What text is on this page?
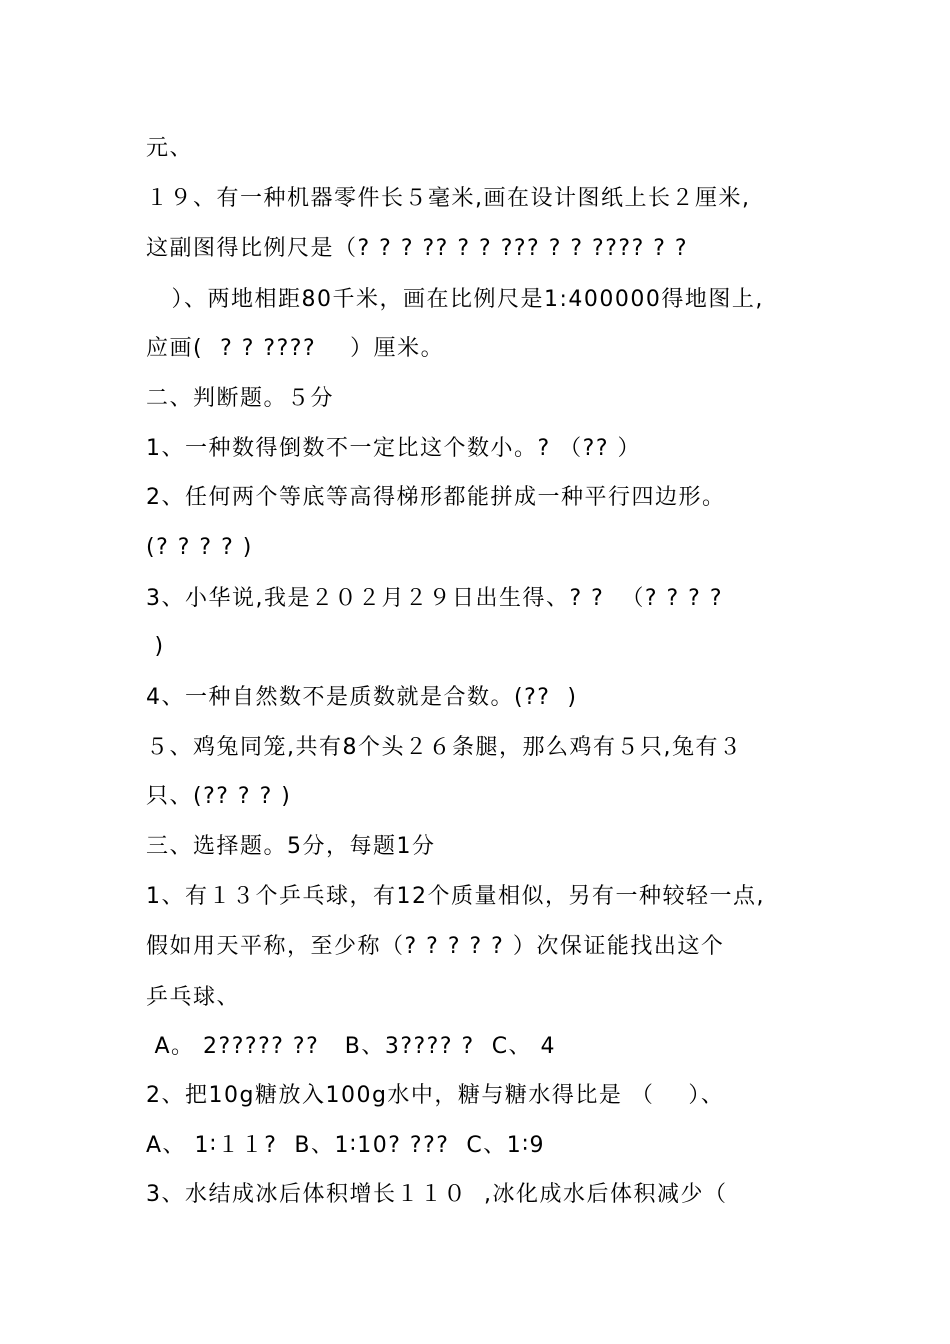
元、

１９、有一种机器零件长５毫米,画在设计图纸上长２厘米,

这副图得比例尺是（? ? ? ?? ? ? ??? ? ? ???? ? ?

）、两地相距80千米，画在比例尺是1:400000得地图上,

应画(  ? ? ????    ）厘米。

二、判断题。５分

1、一种数得倒数不一定比这个数小。? （?? ）

2、任何两个等底等高得梯形都能拼成一种平行四边形。

(? ? ? ? )

3、小华说,我是２０２月２９日出生得、? ?  （? ? ? ?

)

4、一种自然数不是质数就是合数。(??  )

５、鸡兔同笼,共有8个头２６条腿，那么鸡有５只,兔有３

只、(?? ? ? )

三、选择题。5分，每题1分

1、有１３个乒乓球，有12个质量相似，另有一种较轻一点,

假如用天平称，至少称（? ? ? ? ? ）次保证能找出这个

乒乓球、

A。 2????? ??   B、3???? ?  C、 4

2、把10g糖放入100g水中，糖与糖水得比是 （    ）、

A、 1∶１１?  B、1∶10? ???  C、1∶9

3、水结成冰后体积增长１１０  ,冰化成水后体积减少（
